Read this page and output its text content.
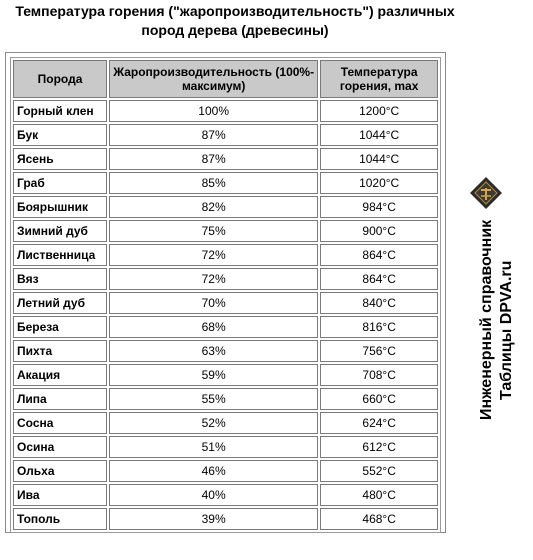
Температура горения ("жаропроизводительность") различных
пород дерева (древесины)
Порода	Жаропроизводительность (100%-максимум)	Температура горения, max
Горный клен	100%	1200°C
Бук	87%	1044°C
Ясень	87%	1044°C
Граб	85%	1020°C
Боярышник	82%	984°C
Зимний дуб	75%	900°C
Лиственница	72%	864°C
Вяз	72%	864°C
Летний дуб	70%	840°C
Береза	68%	816°C
Пихта	63%	756°C
Акация	59%	708°C
Липа	55%	660°C
Сосна	52%	624°C
Осина	51%	612°C
Ольха	46%	552°C
Ива	40%	480°C
Тополь	39%	468°C
Инженерный справочник Таблицы DPVA.ru
